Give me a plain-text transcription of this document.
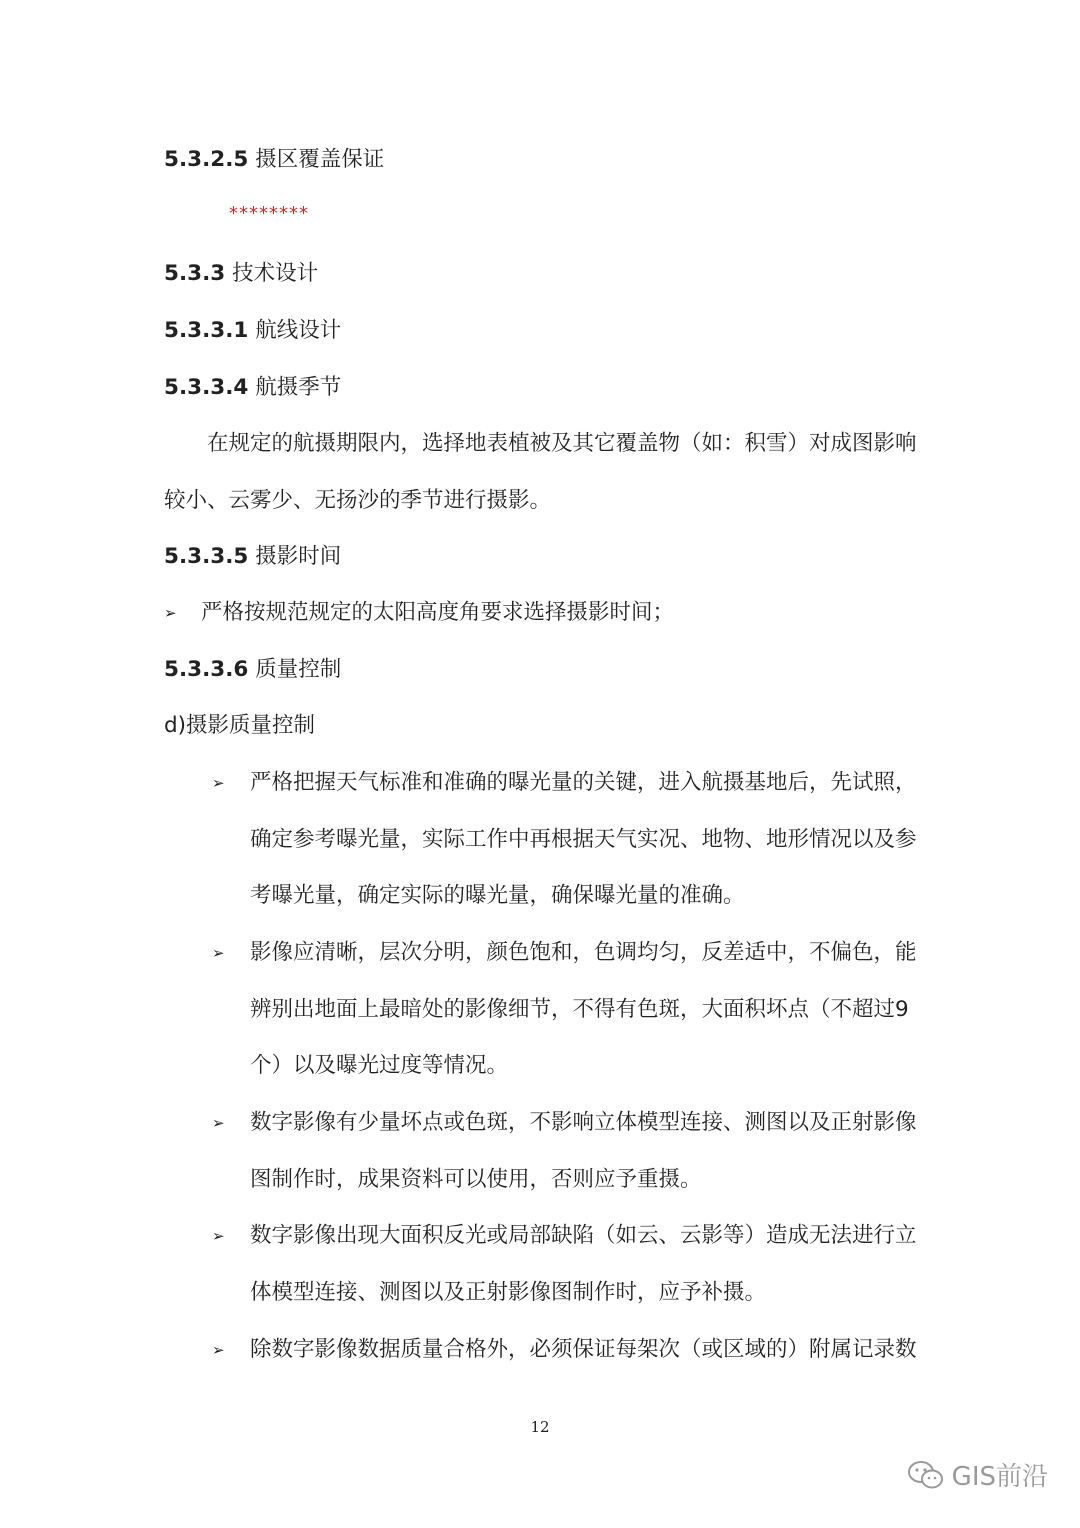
5.3.2.5 摄区覆盖保证
********
5.3.3 技术设计
5.3.3.1 航线设计
5.3.3.4 航摄季节
在规定的航摄期限内，选择地表植被及其它覆盖物（如：积雪）对成图影响
较小、云雾少、无扬沙的季节进行摄影。
5.3.3.5 摄影时间
➢ 严格按规范规定的太阳高度角要求选择摄影时间；
5.3.3.6 质量控制
d)摄影质量控制
➢ 严格把握天气标准和准确的曝光量的关键，进入航摄基地后，先试照，
确定参考曝光量，实际工作中再根据天气实况、地物、地形情况以及参
考曝光量，确定实际的曝光量，确保曝光量的准确。
➢ 影像应清晰，层次分明，颜色饱和，色调均匀，反差适中，不偏色，能
辨别出地面上最暗处的影像细节，不得有色斑，大面积坏点（不超过9
个）以及曝光过度等情况。
➢ 数字影像有少量坏点或色斑，不影响立体模型连接、测图以及正射影像
图制作时，成果资料可以使用，否则应予重摄。
➢ 数字影像出现大面积反光或局部缺陷（如云、云影等）造成无法进行立
体模型连接、测图以及正射影像图制作时，应予补摄。
➢ 除数字影像数据质量合格外，必须保证每架次（或区域的）附属记录数
12
GIS前沿
